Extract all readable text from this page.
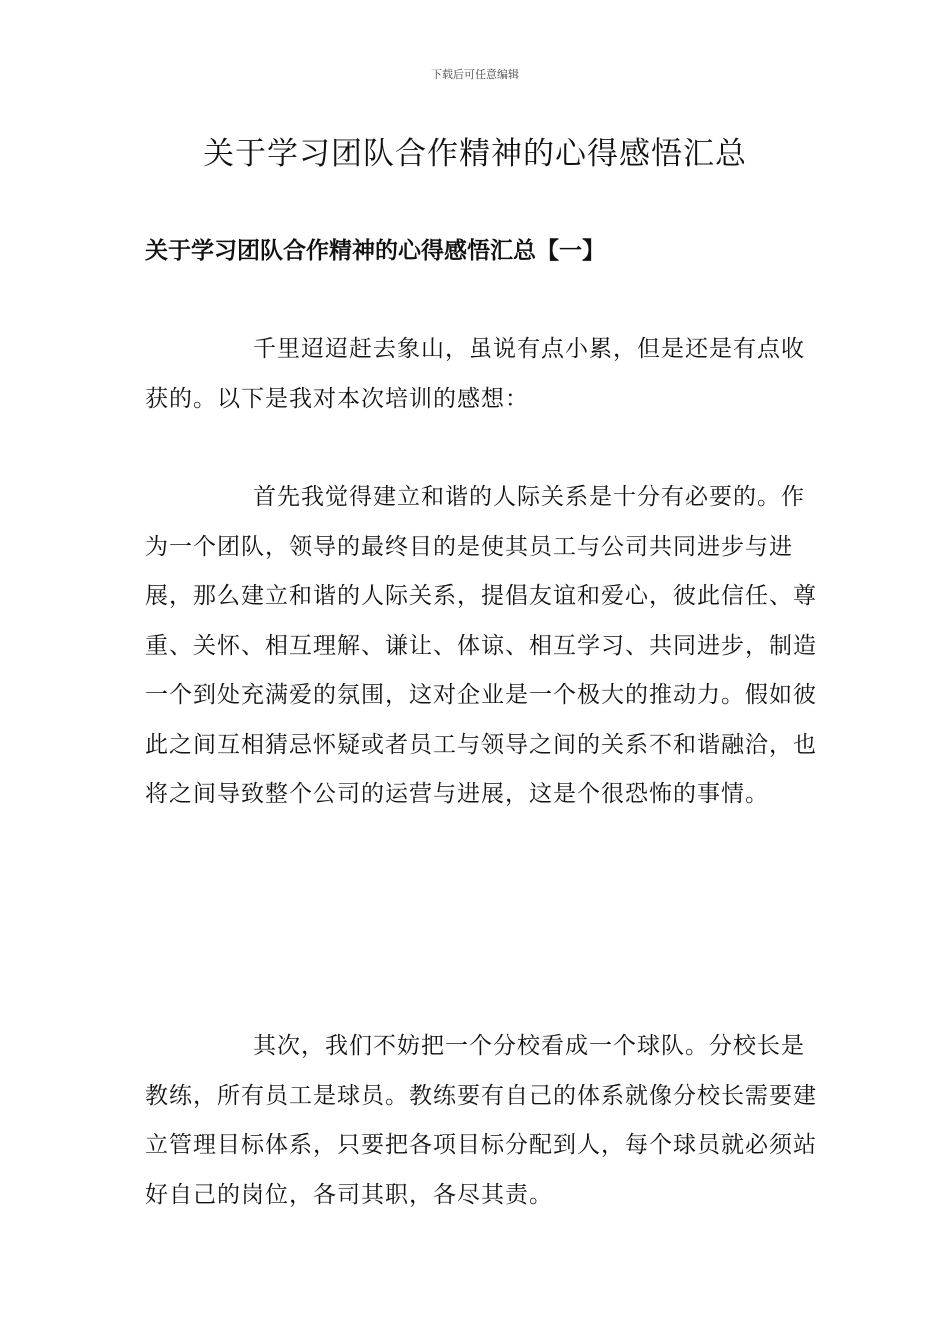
下载后可任意编辑
关于学习团队合作精神的心得感悟汇总
关于学习团队合作精神的心得感悟汇总【一】

千里迢迢赶去象山，虽说有点小累，但是还是有点收获的。以下是我对本次培训的感想：

首先我觉得建立和谐的人际关系是十分有必要的。作为一个团队，领导的最终目的是使其员工与公司共同进步与进展，那么建立和谐的人际关系，提倡友谊和爱心，彼此信任、尊重、关怀、相互理解、谦让、体谅、相互学习、共同进步，制造一个到处充满爱的氛围，这对企业是一个极大的推动力。假如彼此之间互相猜忌怀疑或者员工与领导之间的关系不和谐融洽，也将之间导致整个公司的运营与进展，这是个很恐怖的事情。

其次，我们不妨把一个分校看成一个球队。分校长是教练，所有员工是球员。教练要有自己的体系就像分校长需要建立管理目标体系，只要把各项目标分配到人，每个球员就必须站好自己的岗位，各司其职，各尽其责。
